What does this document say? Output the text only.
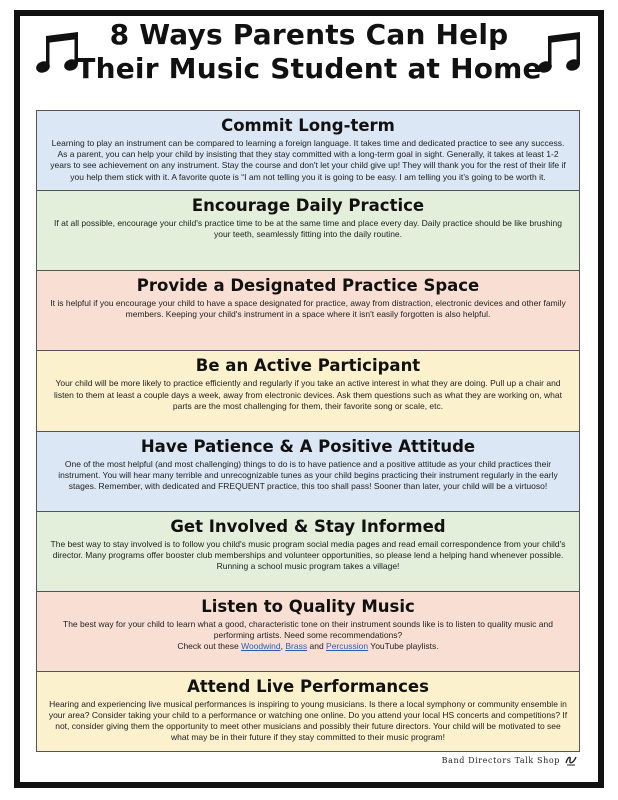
8 Ways Parents Can Help
Their Music Student at Home
Commit Long-term

Learning to play an instrument can be compared to learning a foreign language. It takes time and dedicated practice to see any success. As a parent, you can help your child by insisting that they stay committed with a long-term goal in sight. Generally, it takes at least 1-2 years to see achievement on any instrument. Stay the course and don't let your child give up! They will thank you for the rest of their life if you help them stick with it. A favorite quote is “I am not telling you it is going to be easy. I am telling you it’s going to be worth it.

Encourage Daily Practice

If at all possible, encourage your child's practice time to be at the same time and place every day. Daily practice should be like brushing your teeth, seamlessly fitting into the daily routine.

Provide a Designated Practice Space

It is helpful if you encourage your child to have a space designated for practice, away from distraction, electronic devices and other family members. Keeping your child's instrument in a space where it isn't easily forgotten is also helpful.

Be an Active Participant

Your child will be more likely to practice efficiently and regularly if you take an active interest in what they are doing. Pull up a chair and listen to them at least a couple days a week, away from electronic devices. Ask them questions such as what they are working on, what parts are the most challenging for them, their favorite song or scale, etc.

Have Patience & A Positive Attitude

One of the most helpful (and most challenging) things to do is to have patience and a positive attitude as your child practices their instrument. You will hear many terrible and unrecognizable tunes as your child begins practicing their instrument regularly in the early stages. Remember, with dedicated and FREQUENT practice, this too shall pass! Sooner than later, your child will be a virtuoso!

Get Involved & Stay Informed

The best way to stay involved is to follow you child's music program social media pages and read email correspondence from your child's director. Many programs offer booster club memberships and volunteer opportunities, so please lend a helping hand whenever possible. Running a school music program takes a village!

Listen to Quality Music

The best way for your child to learn what a good, characteristic tone on their instrument sounds like is to listen to quality music and performing artists. Need some recommendations?

Check out these Woodwind, Brass and Percussion YouTube playlists.

Attend Live Performances

Hearing and experiencing live musical performances is inspiring to young musicians. Is there a local symphony or community ensemble in your area? Consider taking your child to a performance or watching one online. Do you attend your local HS concerts and competitions? If not, consider giving them the opportunity to meet other musicians and possibly their future directors. Your child will be motivated to see what may be in their future if they stay committed to their music program!

Band Directors Talk Shop
